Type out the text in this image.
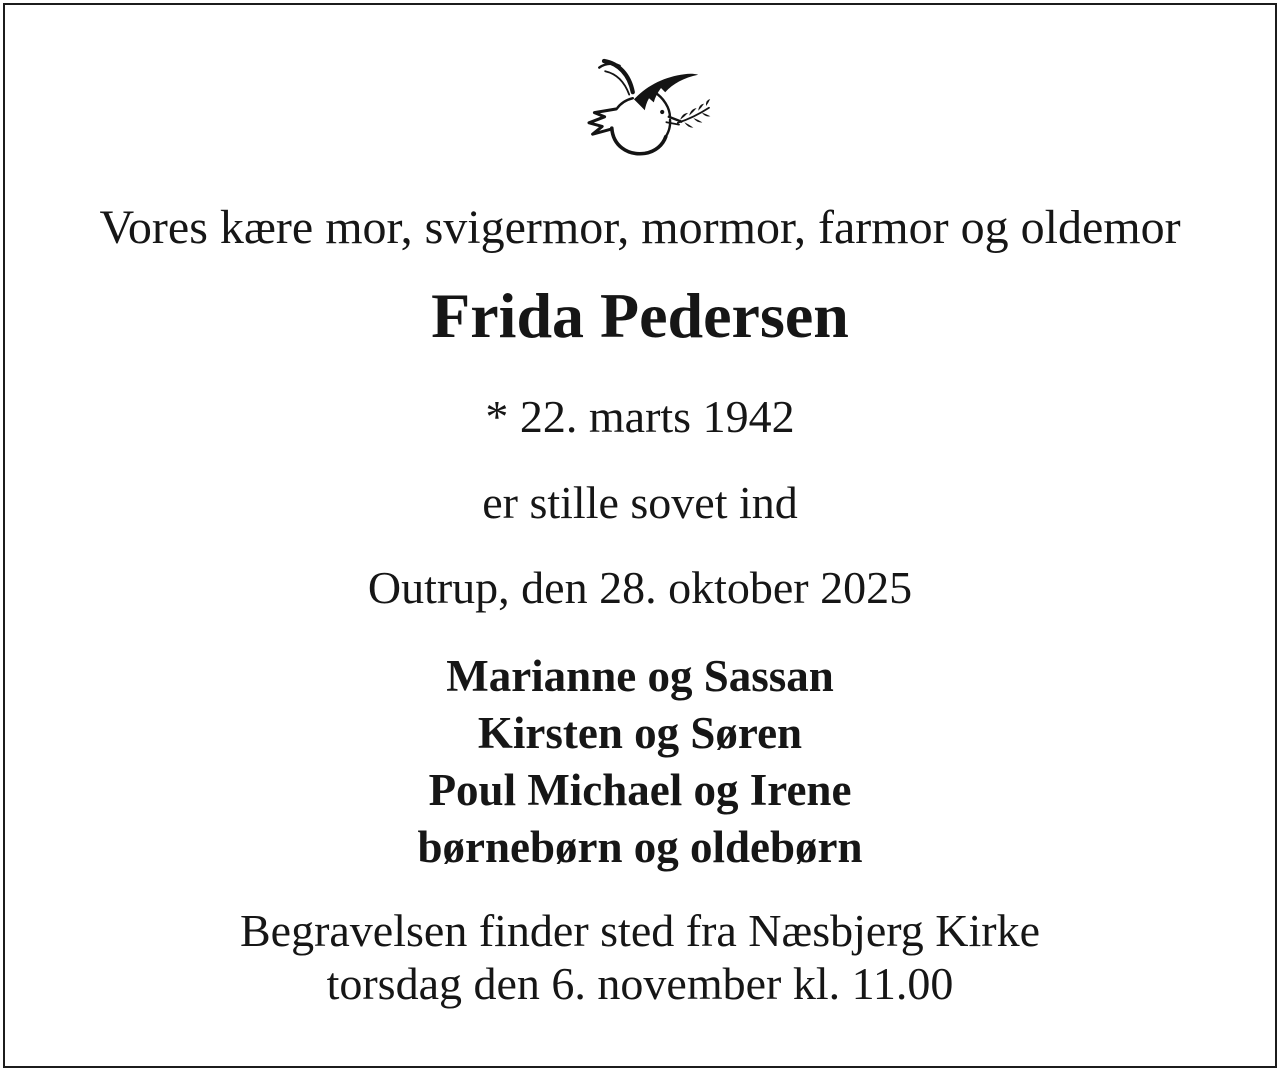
Vores kære mor, svigermor, mormor, farmor og oldemor
Frida Pedersen
* 22. marts 1942
er stille sovet ind
Outrup, den 28. oktober 2025
Marianne og Sassan
Kirsten og Søren
Poul Michael og Irene
børnebørn og oldebørn
Begravelsen finder sted fra Næsbjerg Kirke
torsdag den 6. november kl. 11.00
